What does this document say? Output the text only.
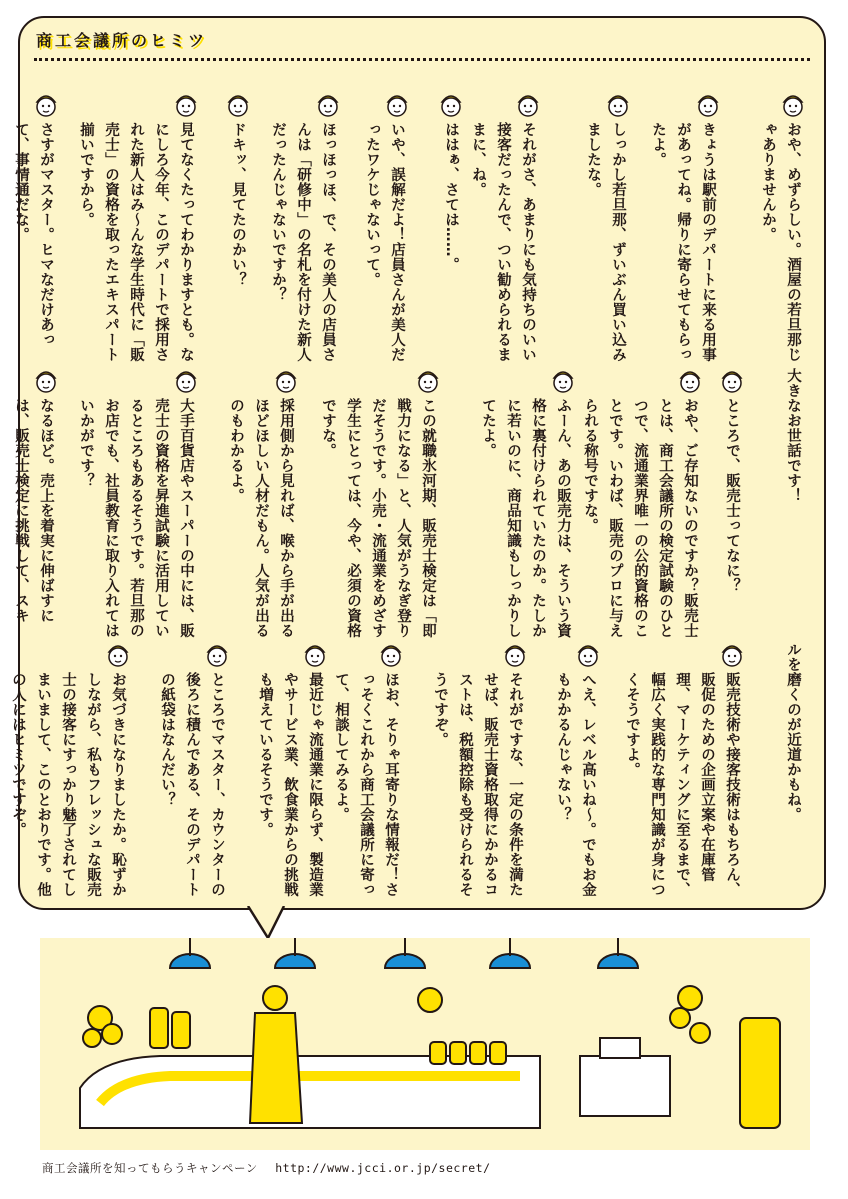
商工会議所のヒミツ
おや、めずらしい。酒屋の若旦那じゃありませんか。
きょうは駅前のデパートに来る用事があってね。帰りに寄らせてもらったよ。
しっかし若旦那、ずいぶん買い込みましたな。
それがさ、あまりにも気持ちのいい接客だったんで、つい勧められるままに、ね。
ははぁ、さては……。
いや、誤解だよ！店員さんが美人だったワケじゃないって。
ほっほっほ、で、その美人の店員さんは「研修中」の名札を付けた新人だったんじゃないですか？
ドキッ、見てたのかい？
見てなくたってわかりますとも。なにしろ今年、このデパートで採用された新人はみ〜んな学生時代に「販売士」の資格を取ったエキスパート揃いですから。
さすがマスター。ヒマなだけあって、事情通だな。
大きなお世話です！
ところで、販売士ってなに？
おや、ご存知ないのですか？販売士とは、商工会議所の検定試験のひとつで、流通業界唯一の公的資格のことです。いわば、販売のプロに与えられる称号ですな。
ふーん、あの販売力は、そういう資格に裏付けられていたのか。たしかに若いのに、商品知識もしっかりしてたよ。
この就職氷河期、販売士検定は「即戦力になる」と、人気がうなぎ登りだそうです。小売・流通業をめざす学生にとっては、今や、必須の資格ですな。
採用側から見れば、喉から手が出るほどほしい人材だもん。人気が出るのもわかるよ。
大手百貨店やスーパーの中には、販売士の資格を昇進試験に活用しているところもあるそうです。若旦那のお店でも、社員教育に取り入れてはいかがです？
なるほど。売上を着実に伸ばすには、販売士検定に挑戦して、スキ
ルを磨くのが近道かもね。
販売技術や接客技術はもちろん、販促のための企画立案や在庫管理、マーケティングに至るまで、幅広く実践的な専門知識が身につくそうですよ。
へえ、レベル高いね〜。でもお金もかかるんじゃない？
それがですな、一定の条件を満たせば、販売士資格取得にかかるコストは、税額控除も受けられるそうですぞ。
ほお、そりゃ耳寄りな情報だ！さっそくこれから商工会議所に寄って、相談してみるよ。
最近じゃ流通業に限らず、製造業やサービス業、飲食業からの挑戦も増えているそうです。
ところでマスター、カウンターの後ろに積んである、そのデパートの紙袋はなんだい？
お気づきになりましたか。恥ずかしながら、私もフレッシュな販売士の接客にすっかり魅了されてしまいまして、このとおりです。他の人にはヒミツですぞ。
商工会議所を知ってもらうキャンペーン http://www.jcci.or.jp/secret/
